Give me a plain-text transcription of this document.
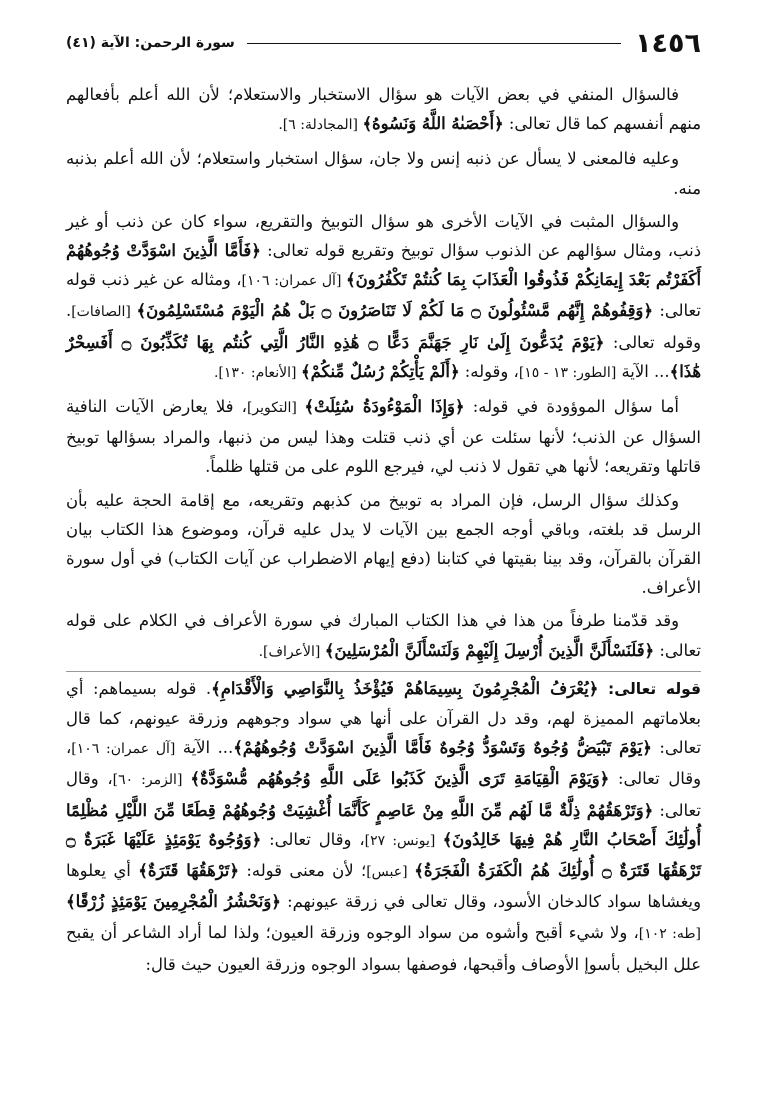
١٤٥٦
سورة الرحمن: الآية (٤١)

فالسؤال المنفي في بعض الآيات هو سؤال الاستخبار والاستعلام؛ لأن الله أعلم بأفعالهم منهم أنفسهم كما قال تعالى: ﴿أَحْصَىٰهُ اللَّهُ وَنَسُوهُ﴾ [المجادلة: ٦].

وعليه فالمعنى لا يسأل عن ذنبه إنس ولا جان، سؤال استخبار واستعلام؛ لأن الله أعلم بذنبه منه.

والسؤال المثبت في الآيات الأخرى هو سؤال التوبيخ والتقريع، سواء كان عن ذنب أو غير ذنب، ومثال سؤالهم عن الذنوب سؤال توبيخ وتقريع قوله تعالى: ﴿فَأَمَّا الَّذِينَ اسْوَدَّتْ وُجُوهُهُمْ أَكَفَرْتُم بَعْدَ إِيمَانِكُمْ فَذُوقُوا الْعَذَابَ بِمَا كُنتُمْ تَكْفُرُونَ﴾ [آل عمران: ١٠٦]، ومثاله عن غير ذنب قوله تعالى: ﴿وَقِفُوهُمْ إِنَّهُم مَّسْئُولُونَ ۝ مَا لَكُمْ لَا تَنَاصَرُونَ ۝ بَلْ هُمُ الْيَوْمَ مُسْتَسْلِمُونَ﴾ [الصافات]. وقوله تعالى: ﴿يَوْمَ يُدَعُّونَ إِلَىٰ نَارِ جَهَنَّمَ دَعًّا ۝ هَٰذِهِ النَّارُ الَّتِي كُنتُم بِهَا تُكَذِّبُونَ ۝ أَفَسِحْرٌ هَٰذَا﴾... الآية [الطور: ١٣ - ١٥]، وقوله: ﴿أَلَمْ يَأْتِكُمْ رُسُلٌ مِّنكُمْ﴾ [الأنعام: ١٣٠].

أما سؤال الموؤودة في قوله: ﴿وَإِذَا الْمَوْءُودَةُ سُئِلَتْ﴾ [التكوير]، فلا يعارض الآيات النافية السؤال عن الذنب؛ لأنها سئلت عن أي ذنب قتلت وهذا ليس من ذنبها، والمراد بسؤالها توبيخ قاتلها وتقريعه؛ لأنها هي تقول لا ذنب لي، فيرجع اللوم على من قتلها ظلماً.

وكذلك سؤال الرسل، فإن المراد به توبيخ من كذبهم وتقريعه، مع إقامة الحجة عليه بأن الرسل قد بلغته، وباقي أوجه الجمع بين الآيات لا يدل عليه قرآن، وموضوع هذا الكتاب بيان القرآن بالقرآن، وقد بينا بقيتها في كتابنا (دفع إيهام الاضطراب عن آيات الكتاب) في أول سورة الأعراف.

وقد قدّمنا طرفاً من هذا في هذا الكتاب المبارك في سورة الأعراف في الكلام على قوله تعالى: ﴿فَلَنَسْأَلَنَّ الَّذِينَ أُرْسِلَ إِلَيْهِمْ وَلَنَسْأَلَنَّ الْمُرْسَلِينَ﴾ [الأعراف].

قوله تعالى: ﴿يُعْرَفُ الْمُجْرِمُونَ بِسِيمَاهُمْ فَيُؤْخَذُ بِالنَّوَاصِي وَالْأَقْدَامِ﴾. قوله بسيماهم: أي بعلاماتهم المميزة لهم، وقد دل القرآن على أنها هي سواد وجوههم وزرقة عيونهم، كما قال تعالى: ﴿يَوْمَ تَبْيَضُّ وُجُوهٌ وَتَسْوَدُّ وُجُوهٌ فَأَمَّا الَّذِينَ اسْوَدَّتْ وُجُوهُهُمْ﴾... الآية [آل عمران: ١٠٦]، وقال تعالى: ﴿وَيَوْمَ الْقِيَامَةِ تَرَى الَّذِينَ كَذَبُوا عَلَى اللَّهِ وُجُوهُهُم مُّسْوَدَّةٌ﴾ [الزمر: ٦٠]، وقال تعالى: ﴿وَتَرْهَقُهُمْ ذِلَّةٌ مَّا لَهُم مِّنَ اللَّهِ مِنْ عَاصِمٍ كَأَنَّمَا أُغْشِيَتْ وُجُوهُهُمْ قِطَعًا مِّنَ اللَّيْلِ مُظْلِمًا أُولَٰئِكَ أَصْحَابُ النَّارِ هُمْ فِيهَا خَالِدُونَ﴾ [يونس: ٢٧]، وقال تعالى: ﴿وَوُجُوهٌ يَوْمَئِذٍ عَلَيْهَا غَبَرَةٌ ۝ تَرْهَقُهَا قَتَرَةٌ ۝ أُولَٰئِكَ هُمُ الْكَفَرَةُ الْفَجَرَةُ﴾ [عبس]؛ لأن معنى قوله: ﴿تَرْهَقُهَا قَتَرَةٌ﴾ أي يعلوها ويغشاها سواد كالدخان الأسود، وقال تعالى في زرقة عيونهم: ﴿وَنَحْشُرُ الْمُجْرِمِينَ يَوْمَئِذٍ زُرْقًا﴾ [طه: ١٠٢]، ولا شيء أقبح وأشوه من سواد الوجوه وزرقة العيون؛ ولذا لما أراد الشاعر أن يقبح علل البخيل بأسوإ الأوصاف وأقبحها، فوصفها بسواد الوجوه وزرقة العيون حيث قال:
